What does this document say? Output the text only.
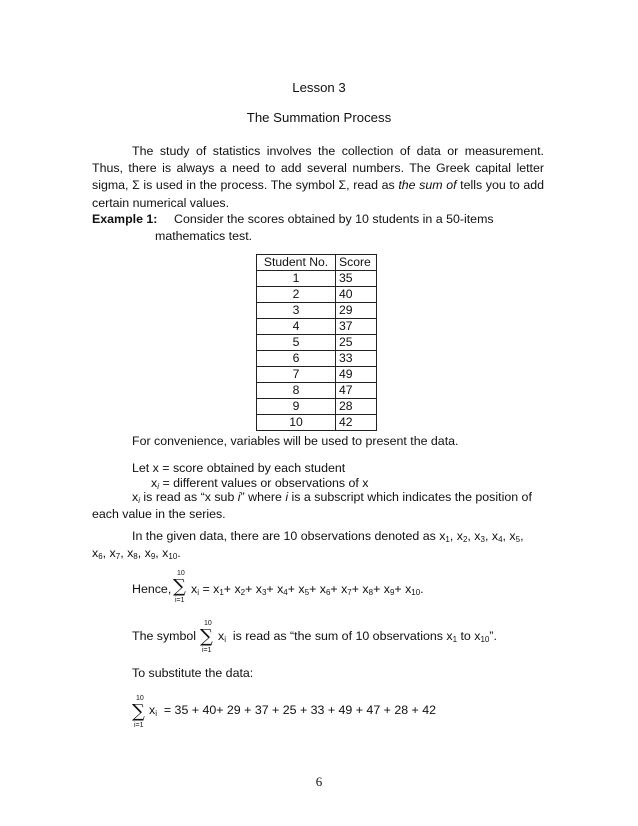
Lesson 3
The Summation Process
The study of statistics involves the collection of data or measurement. Thus, there is always a need to add several numbers. The Greek capital letter sigma, Σ is used in the process. The symbol Σ, read as the sum of tells you to add certain numerical values.
Example 1: Consider the scores obtained by 10 students in a 50-items
mathematics test.
Student No.	Score
1	35
2	40
3	29
4	37
5	25
6	33
7	49
8	47
9	28
10	42
For convenience, variables will be used to present the data.
Let x = score obtained by each student
$x_i$ = different values or observations of x
$x_i$ is read as “x sub i” where i is a subscript which indicates the position of
each value in the series.
In the given data, there are 10 observations denoted as $x_1$, $x_2$, $x_3$, $x_4$, $x_5$,
$x_6$, $x_7$, $x_8$, $x_9$, $x_{10}$.
Hence,
10
∑
i=1
$x_i = x_1+ x_2+ x_3+ x_4+ x_5+ x_6+ x_7+ x_8+ x_9+ x_{10}$.
The symbol
10
∑
i=1
$x_i$ is read as “the sum of 10 observations $x_1$ to $x_{10}$”.
To substitute the data:
10
∑
i=1
$x_i = 35 + 40+ 29 + 37 + 25 + 33 + 49 + 47 + 28 + 42$
6
